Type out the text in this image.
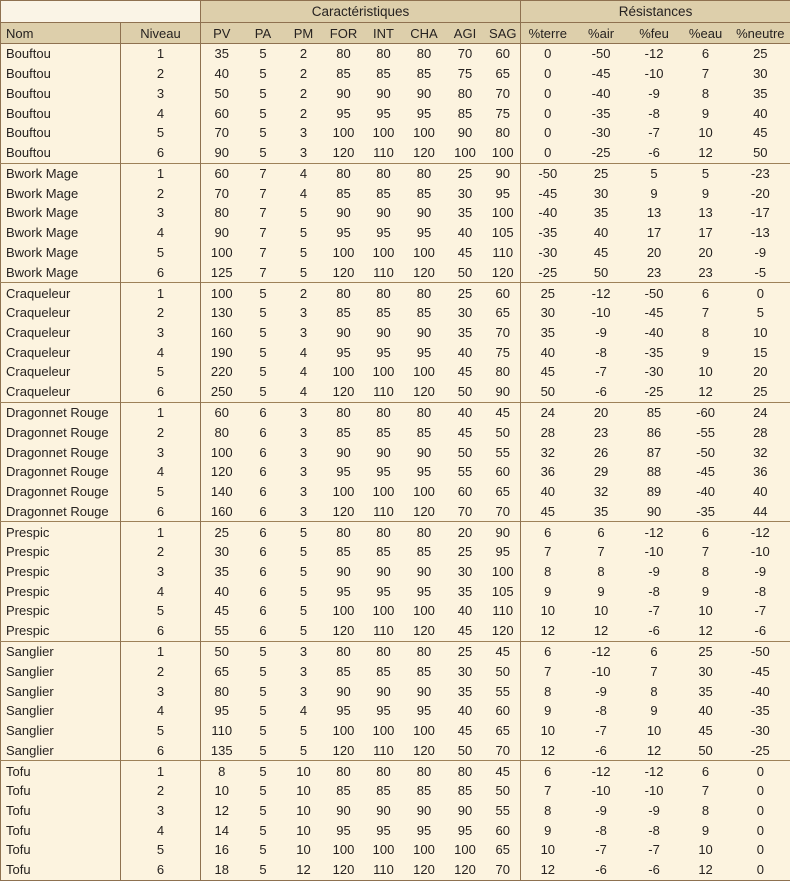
		Caractéristiques								Résistances				
Nom	Niveau	PV	PA	PM	FOR	INT	CHA	AGI	SAG	%terre	%air	%feu	%eau	%neutre
Bouftou	1	35	5	2	80	80	80	70	60	0	-50	-12	6	25
Bouftou	2	40	5	2	85	85	85	75	65	0	-45	-10	7	30
Bouftou	3	50	5	2	90	90	90	80	70	0	-40	-9	8	35
Bouftou	4	60	5	2	95	95	95	85	75	0	-35	-8	9	40
Bouftou	5	70	5	3	100	100	100	90	80	0	-30	-7	10	45
Bouftou	6	90	5	3	120	110	120	100	100	0	-25	-6	12	50
Bwork Mage	1	60	7	4	80	80	80	25	90	-50	25	5	5	-23
Bwork Mage	2	70	7	4	85	85	85	30	95	-45	30	9	9	-20
Bwork Mage	3	80	7	5	90	90	90	35	100	-40	35	13	13	-17
Bwork Mage	4	90	7	5	95	95	95	40	105	-35	40	17	17	-13
Bwork Mage	5	100	7	5	100	100	100	45	110	-30	45	20	20	-9
Bwork Mage	6	125	7	5	120	110	120	50	120	-25	50	23	23	-5
Craqueleur	1	100	5	2	80	80	80	25	60	25	-12	-50	6	0
Craqueleur	2	130	5	3	85	85	85	30	65	30	-10	-45	7	5
Craqueleur	3	160	5	3	90	90	90	35	70	35	-9	-40	8	10
Craqueleur	4	190	5	4	95	95	95	40	75	40	-8	-35	9	15
Craqueleur	5	220	5	4	100	100	100	45	80	45	-7	-30	10	20
Craqueleur	6	250	5	4	120	110	120	50	90	50	-6	-25	12	25
Dragonnet Rouge	1	60	6	3	80	80	80	40	45	24	20	85	-60	24
Dragonnet Rouge	2	80	6	3	85	85	85	45	50	28	23	86	-55	28
Dragonnet Rouge	3	100	6	3	90	90	90	50	55	32	26	87	-50	32
Dragonnet Rouge	4	120	6	3	95	95	95	55	60	36	29	88	-45	36
Dragonnet Rouge	5	140	6	3	100	100	100	60	65	40	32	89	-40	40
Dragonnet Rouge	6	160	6	3	120	110	120	70	70	45	35	90	-35	44
Prespic	1	25	6	5	80	80	80	20	90	6	6	-12	6	-12
Prespic	2	30	6	5	85	85	85	25	95	7	7	-10	7	-10
Prespic	3	35	6	5	90	90	90	30	100	8	8	-9	8	-9
Prespic	4	40	6	5	95	95	95	35	105	9	9	-8	9	-8
Prespic	5	45	6	5	100	100	100	40	110	10	10	-7	10	-7
Prespic	6	55	6	5	120	110	120	45	120	12	12	-6	12	-6
Sanglier	1	50	5	3	80	80	80	25	45	6	-12	6	25	-50
Sanglier	2	65	5	3	85	85	85	30	50	7	-10	7	30	-45
Sanglier	3	80	5	3	90	90	90	35	55	8	-9	8	35	-40
Sanglier	4	95	5	4	95	95	95	40	60	9	-8	9	40	-35
Sanglier	5	110	5	5	100	100	100	45	65	10	-7	10	45	-30
Sanglier	6	135	5	5	120	110	120	50	70	12	-6	12	50	-25
Tofu	1	8	5	10	80	80	80	80	45	6	-12	-12	6	0
Tofu	2	10	5	10	85	85	85	85	50	7	-10	-10	7	0
Tofu	3	12	5	10	90	90	90	90	55	8	-9	-9	8	0
Tofu	4	14	5	10	95	95	95	95	60	9	-8	-8	9	0
Tofu	5	16	5	10	100	100	100	100	65	10	-7	-7	10	0
Tofu	6	18	5	12	120	110	120	120	70	12	-6	-6	12	0
